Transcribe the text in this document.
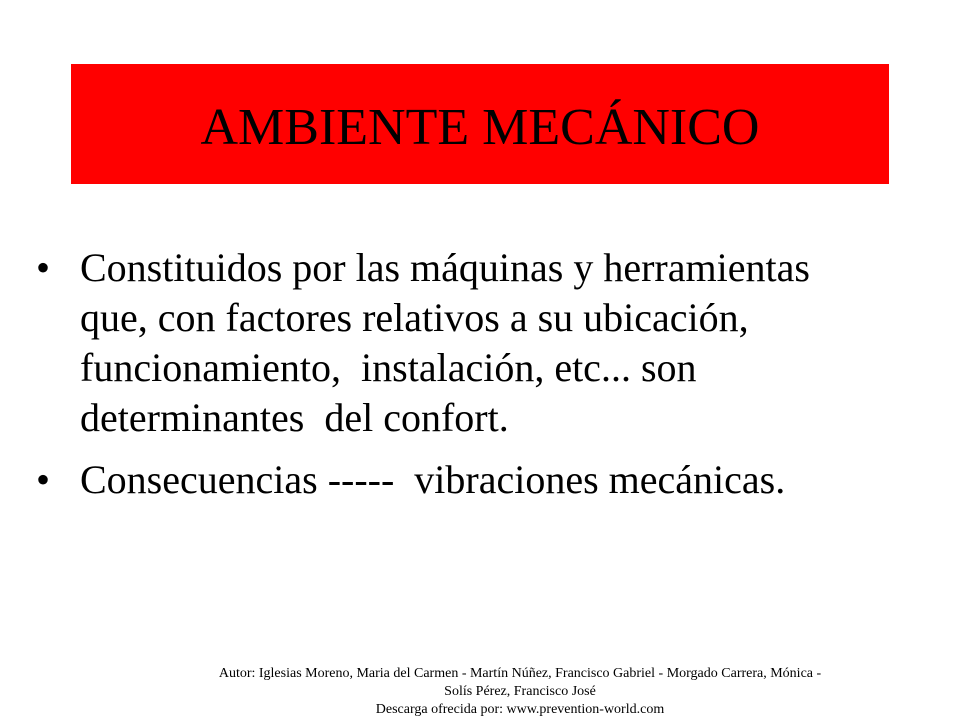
AMBIENTE MECÁNICO
• Constituidos por las máquinas y herramientas
que, con factores relativos a su ubicación,
funcionamiento,  instalación, etc... son
determinantes  del confort.
• Consecuencias -----  vibraciones mecánicas.
Autor: Iglesias Moreno, Maria del Carmen - Martín Núñez, Francisco Gabriel - Morgado Carrera, Mónica -
Solís Pérez, Francisco José
Descarga ofrecida por: www.prevention-world.com
